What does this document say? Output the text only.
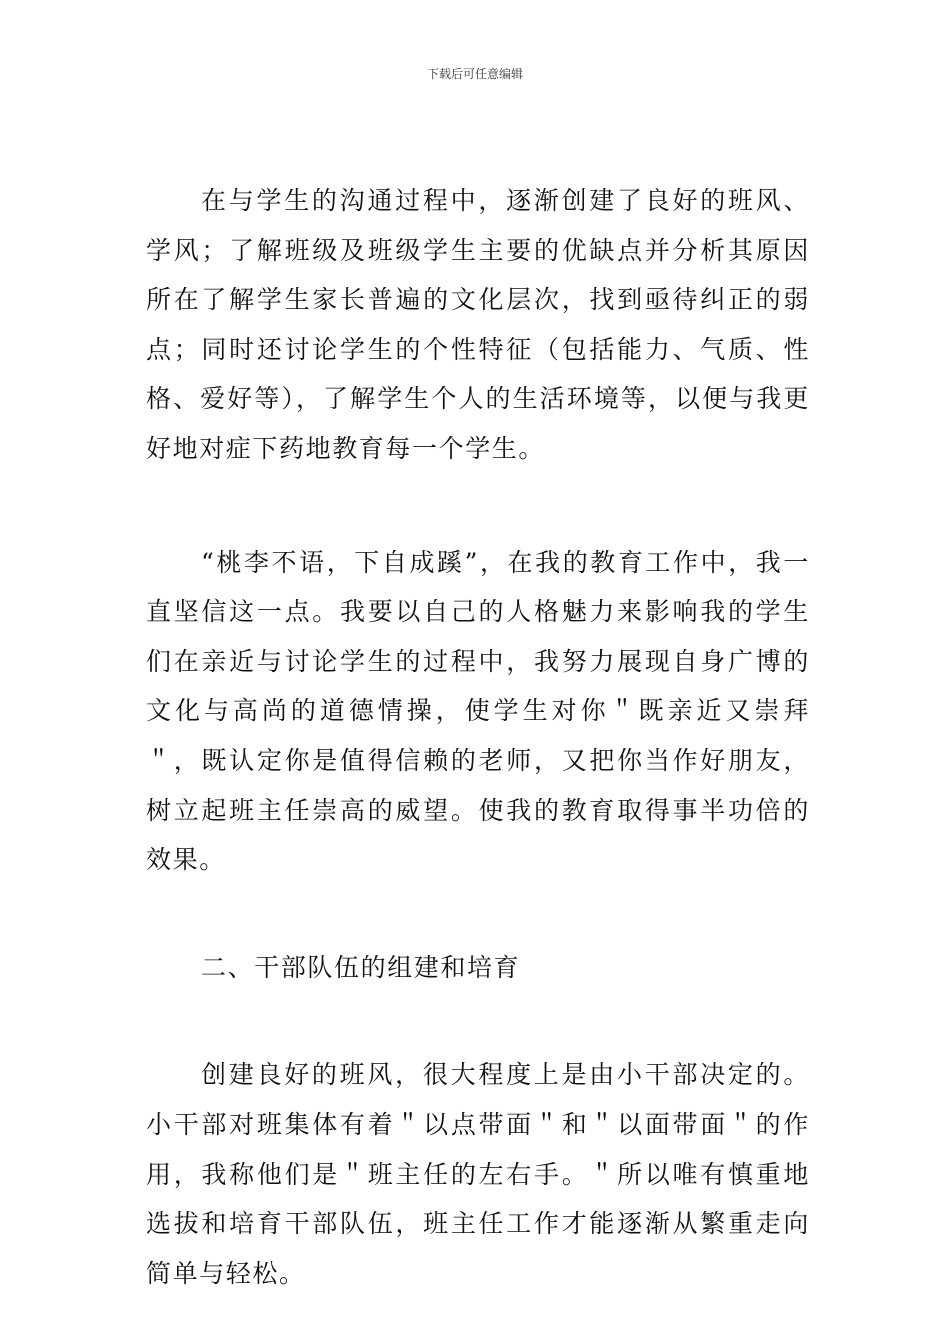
下载后可任意编辑

在与学生的沟通过程中，逐渐创建了良好的班风、学风；了解班级及班级学生主要的优缺点并分析其原因所在了解学生家长普遍的文化层次，找到亟待纠正的弱点；同时还讨论学生的个性特征（包括能力、气质、性格、爱好等），了解学生个人的生活环境等，以便与我更好地对症下药地教育每一个学生。

“桃李不语，下自成蹊”，在我的教育工作中，我一直坚信这一点。我要以自己的人格魅力来影响我的学生们在亲近与讨论学生的过程中，我努力展现自身广博的文化与高尚的道德情操，使学生对你＂既亲近又崇拜＂，既认定你是值得信赖的老师，又把你当作好朋友，树立起班主任崇高的威望。使我的教育取得事半功倍的效果。

二、干部队伍的组建和培育

创建良好的班风，很大程度上是由小干部决定的。小干部对班集体有着＂以点带面＂和＂以面带面＂的作用，我称他们是＂班主任的左右手。＂所以唯有慎重地选拔和培育干部队伍，班主任工作才能逐渐从繁重走向简单与轻松。
